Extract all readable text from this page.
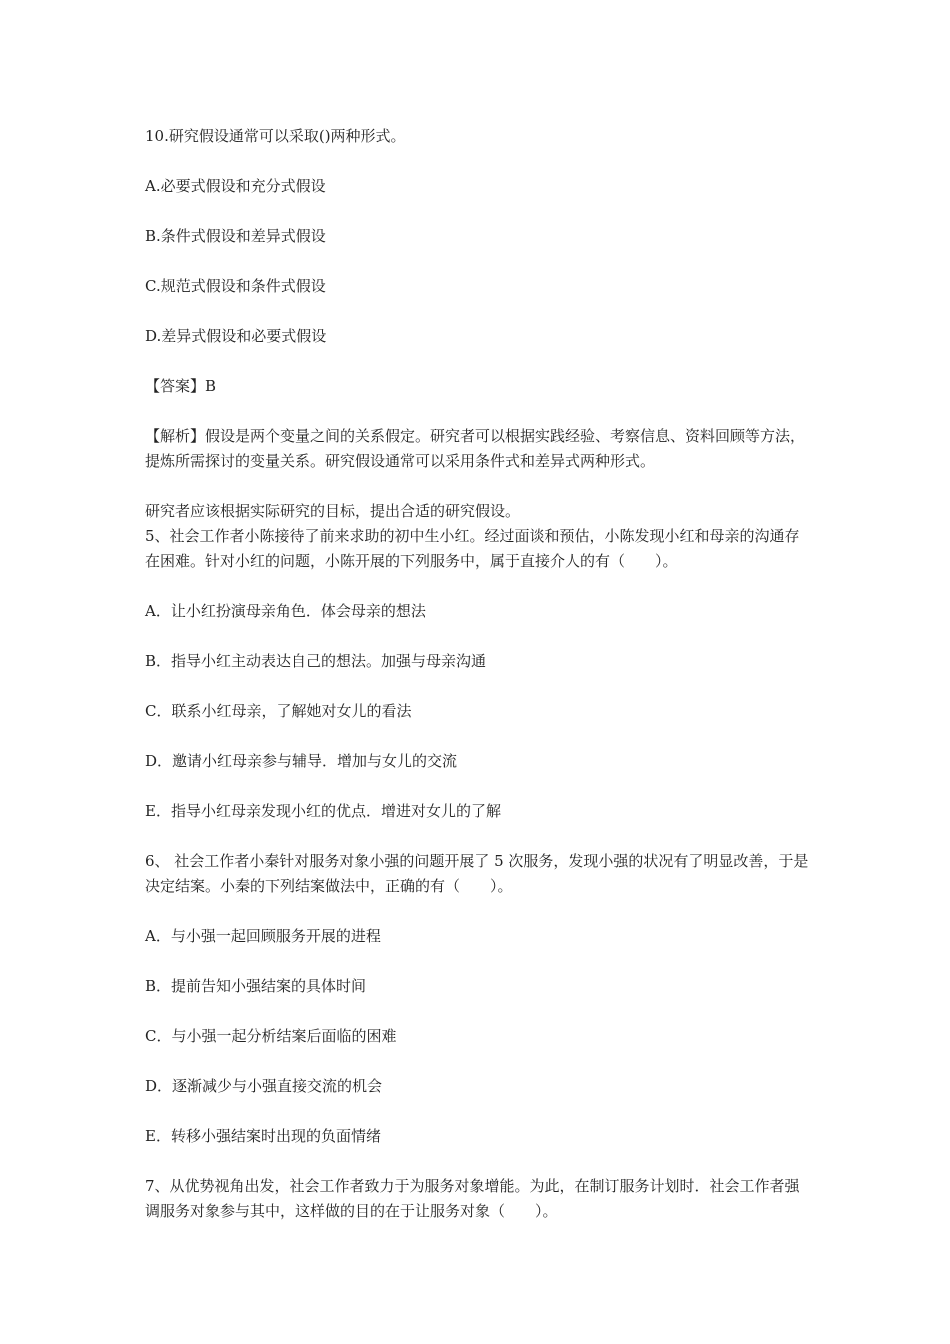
10.研究假设通常可以采取()两种形式。

A.必要式假设和充分式假设

B.条件式假设和差异式假设

C.规范式假设和条件式假设

D.差异式假设和必要式假设

【答案】B

【解析】假设是两个变量之间的关系假定。研究者可以根据实践经验、考察信息、资料回顾等方法，提炼所需探讨的变量关系。研究假设通常可以采用条件式和差异式两种形式。

研究者应该根据实际研究的目标，提出合适的研究假设。

5、社会工作者小陈接待了前来求助的初中生小红。经过面谈和预估，小陈发现小红和母亲的沟通存在困难。针对小红的问题，小陈开展的下列服务中，属于直接介人的有（　　）。

A．让小红扮演母亲角色．体会母亲的想法

B．指导小红主动表达自己的想法。加强与母亲沟通

C．联系小红母亲，了解她对女儿的看法

D．邀请小红母亲参与辅导．增加与女儿的交流

E．指导小红母亲发现小红的优点．增进对女儿的了解

6、 社会工作者小秦针对服务对象小强的问题开展了 5 次服务，发现小强的状况有了明显改善，于是决定结案。小秦的下列结案做法中，正确的有（　　）。

A．与小强一起回顾服务开展的进程

B．提前告知小强结案的具体时间

C．与小强一起分析结案后面临的困难

D．逐渐减少与小强直接交流的机会

E．转移小强结案时出现的负面情绪

7、从优势视角出发，社会工作者致力于为服务对象增能。为此，在制订服务计划时．社会工作者强调服务对象参与其中，这样做的目的在于让服务对象（　　）。
